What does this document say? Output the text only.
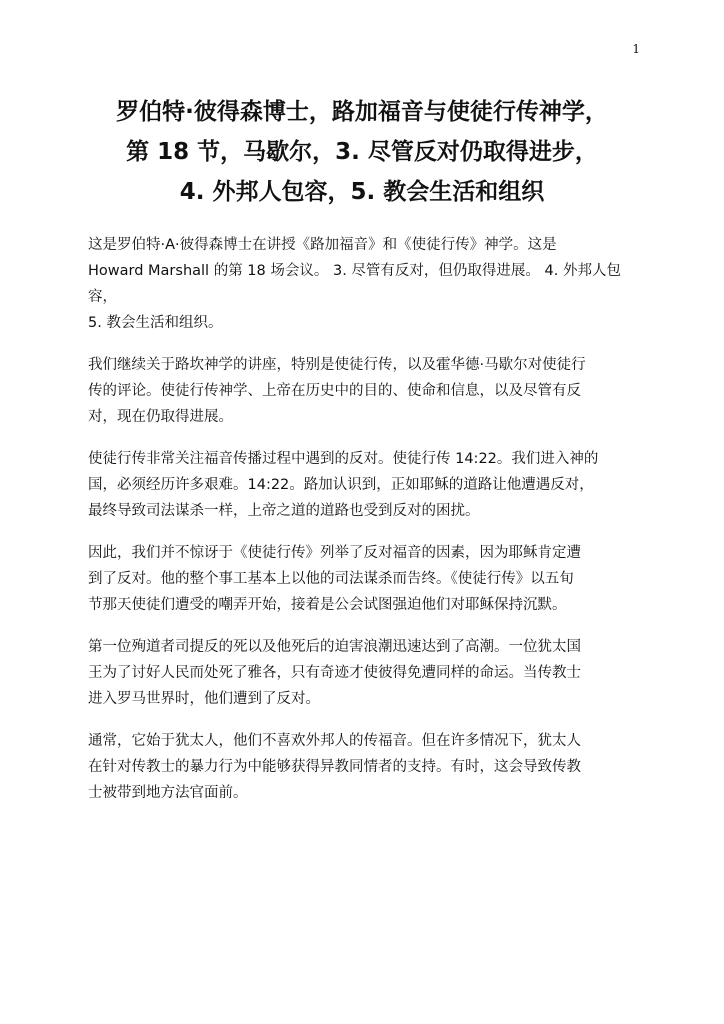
1
罗伯特·彼得森博士，路加福音与使徒行传神学，
第 18 节，马歇尔，3. 尽管反对仍取得进步，
4. 外邦人包容，5. 教会生活和组织

这是罗伯特·A·彼得森博士在讲授《路加福音》和《使徒行传》神学。这是
Howard Marshall 的第 18 场会议。 3. 尽管有反对，但仍取得进展。 4. 外邦人包
容，
5. 教会生活和组织。

我们继续关于路坎神学的讲座，特别是使徒行传，以及霍华德·马歇尔对使徒行
传的评论。使徒行传神学、上帝在历史中的目的、使命和信息，以及尽管有反
对，现在仍取得进展。

使徒行传非常关注福音传播过程中遇到的反对。使徒行传 14:22。我们进入神的
国，必须经历许多艰难。14:22。路加认识到，正如耶稣的道路让他遭遇反对，
最终导致司法谋杀一样，上帝之道的道路也受到反对的困扰。

因此，我们并不惊讶于《使徒行传》列举了反对福音的因素，因为耶稣肯定遭
到了反对。他的整个事工基本上以他的司法谋杀而告终。《使徒行传》以五旬
节那天使徒们遭受的嘲弄开始，接着是公会试图强迫他们对耶稣保持沉默。

第一位殉道者司提反的死以及他死后的迫害浪潮迅速达到了高潮。一位犹太国
王为了讨好人民而处死了雅各，只有奇迹才使彼得免遭同样的命运。当传教士
进入罗马世界时，他们遭到了反对。

通常，它始于犹太人，他们不喜欢外邦人的传福音。但在许多情况下，犹太人
在针对传教士的暴力行为中能够获得异教同情者的支持。有时，这会导致传教
士被带到地方法官面前。
